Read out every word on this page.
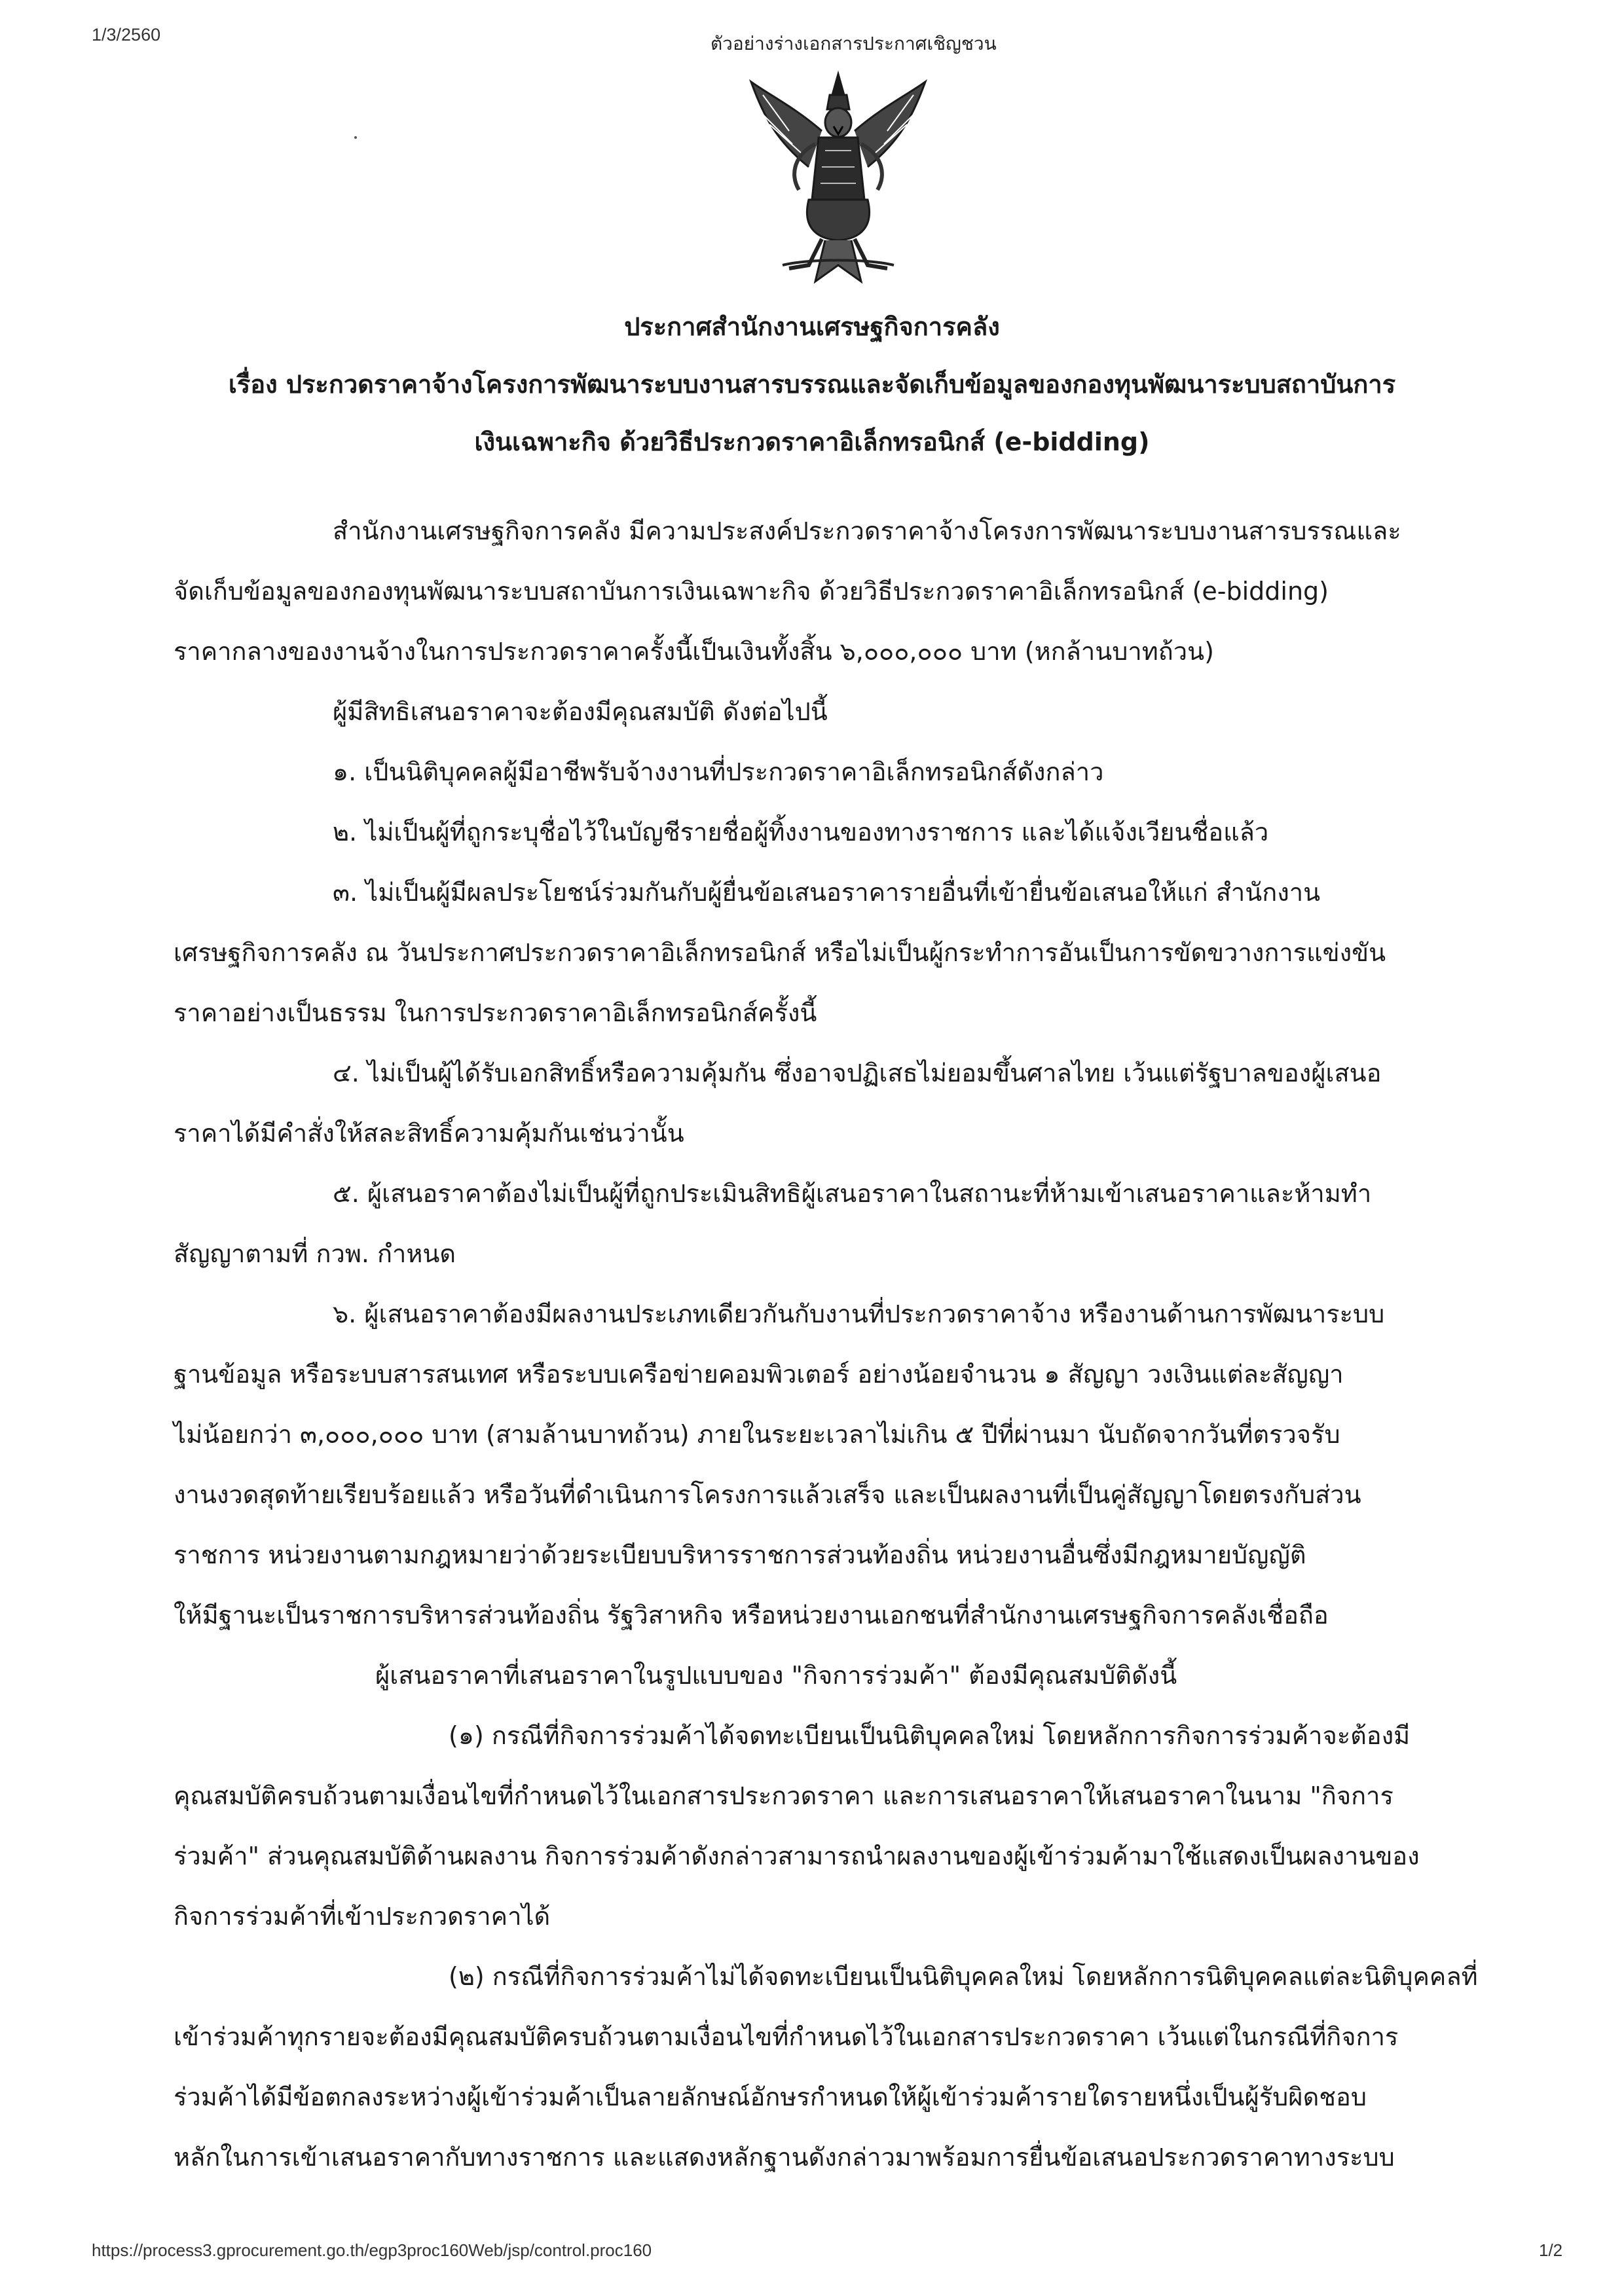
1/3/2560	ตัวอย่างร่างเอกสารประกาศเชิญชวน
ประกาศสำนักงานเศรษฐกิจการคลัง
เรื่อง ประกวดราคาจ้างโครงการพัฒนาระบบงานสารบรรณและจัดเก็บข้อมูลของกองทุนพัฒนาระบบสถาบันการ
เงินเฉพาะกิจ ด้วยวิธีประกวดราคาอิเล็กทรอนิกส์ (e-bidding)
สำนักงานเศรษฐกิจการคลัง มีความประสงค์ประกวดราคาจ้างโครงการพัฒนาระบบงานสารบรรณและ
จัดเก็บข้อมูลของกองทุนพัฒนาระบบสถาบันการเงินเฉพาะกิจ ด้วยวิธีประกวดราคาอิเล็กทรอนิกส์ (e-bidding)
ราคากลางของงานจ้างในการประกวดราคาครั้งนี้เป็นเงินทั้งสิ้น ๖,๐๐๐,๐๐๐ บาท (หกล้านบาทถ้วน)
ผู้มีสิทธิเสนอราคาจะต้องมีคุณสมบัติ ดังต่อไปนี้
๑. เป็นนิติบุคคลผู้มีอาชีพรับจ้างงานที่ประกวดราคาอิเล็กทรอนิกส์ดังกล่าว
๒. ไม่เป็นผู้ที่ถูกระบุชื่อไว้ในบัญชีรายชื่อผู้ทิ้งงานของทางราชการ และได้แจ้งเวียนชื่อแล้ว
๓. ไม่เป็นผู้มีผลประโยชน์ร่วมกันกับผู้ยื่นข้อเสนอราคารายอื่นที่เข้ายื่นข้อเสนอให้แก่ สำนักงาน
เศรษฐกิจการคลัง ณ วันประกาศประกวดราคาอิเล็กทรอนิกส์ หรือไม่เป็นผู้กระทำการอันเป็นการขัดขวางการแข่งขัน
ราคาอย่างเป็นธรรม ในการประกวดราคาอิเล็กทรอนิกส์ครั้งนี้
๔. ไม่เป็นผู้ได้รับเอกสิทธิ์หรือความคุ้มกัน ซึ่งอาจปฏิเสธไม่ยอมขึ้นศาลไทย เว้นแต่รัฐบาลของผู้เสนอ
ราคาได้มีคำสั่งให้สละสิทธิ์ความคุ้มกันเช่นว่านั้น
๕. ผู้เสนอราคาต้องไม่เป็นผู้ที่ถูกประเมินสิทธิผู้เสนอราคาในสถานะที่ห้ามเข้าเสนอราคาและห้ามทำ
สัญญาตามที่ กวพ. กำหนด
๖. ผู้เสนอราคาต้องมีผลงานประเภทเดียวกันกับงานที่ประกวดราคาจ้าง หรืองานด้านการพัฒนาระบบ
ฐานข้อมูล หรือระบบสารสนเทศ หรือระบบเครือข่ายคอมพิวเตอร์ อย่างน้อยจำนวน ๑ สัญญา วงเงินแต่ละสัญญา
ไม่น้อยกว่า ๓,๐๐๐,๐๐๐ บาท (สามล้านบาทถ้วน) ภายในระยะเวลาไม่เกิน ๕ ปีที่ผ่านมา นับถัดจากวันที่ตรวจรับ
งานงวดสุดท้ายเรียบร้อยแล้ว หรือวันที่ดำเนินการโครงการแล้วเสร็จ และเป็นผลงานที่เป็นคู่สัญญาโดยตรงกับส่วน
ราชการ หน่วยงานตามกฎหมายว่าด้วยระเบียบบริหารราชการส่วนท้องถิ่น หน่วยงานอื่นซึ่งมีกฎหมายบัญญัติ
ให้มีฐานะเป็นราชการบริหารส่วนท้องถิ่น รัฐวิสาหกิจ หรือหน่วยงานเอกชนที่สำนักงานเศรษฐกิจการคลังเชื่อถือ
ผู้เสนอราคาที่เสนอราคาในรูปแบบของ "กิจการร่วมค้า" ต้องมีคุณสมบัติดังนี้
(๑) กรณีที่กิจการร่วมค้าได้จดทะเบียนเป็นนิติบุคคลใหม่ โดยหลักการกิจการร่วมค้าจะต้องมี
คุณสมบัติครบถ้วนตามเงื่อนไขที่กำหนดไว้ในเอกสารประกวดราคา และการเสนอราคาให้เสนอราคาในนาม "กิจการ
ร่วมค้า" ส่วนคุณสมบัติด้านผลงาน กิจการร่วมค้าดังกล่าวสามารถนำผลงานของผู้เข้าร่วมค้ามาใช้แสดงเป็นผลงานของ
กิจการร่วมค้าที่เข้าประกวดราคาได้
(๒) กรณีที่กิจการร่วมค้าไม่ได้จดทะเบียนเป็นนิติบุคคลใหม่ โดยหลักการนิติบุคคลแต่ละนิติบุคคลที่
เข้าร่วมค้าทุกรายจะต้องมีคุณสมบัติครบถ้วนตามเงื่อนไขที่กำหนดไว้ในเอกสารประกวดราคา เว้นแต่ในกรณีที่กิจการ
ร่วมค้าได้มีข้อตกลงระหว่างผู้เข้าร่วมค้าเป็นลายลักษณ์อักษรกำหนดให้ผู้เข้าร่วมค้ารายใดรายหนึ่งเป็นผู้รับผิดชอบ
หลักในการเข้าเสนอราคากับทางราชการ และแสดงหลักฐานดังกล่าวมาพร้อมการยื่นข้อเสนอประกวดราคาทางระบบ
https://process3.gprocurement.go.th/egp3proc160Web/jsp/control.proc160	1/2
